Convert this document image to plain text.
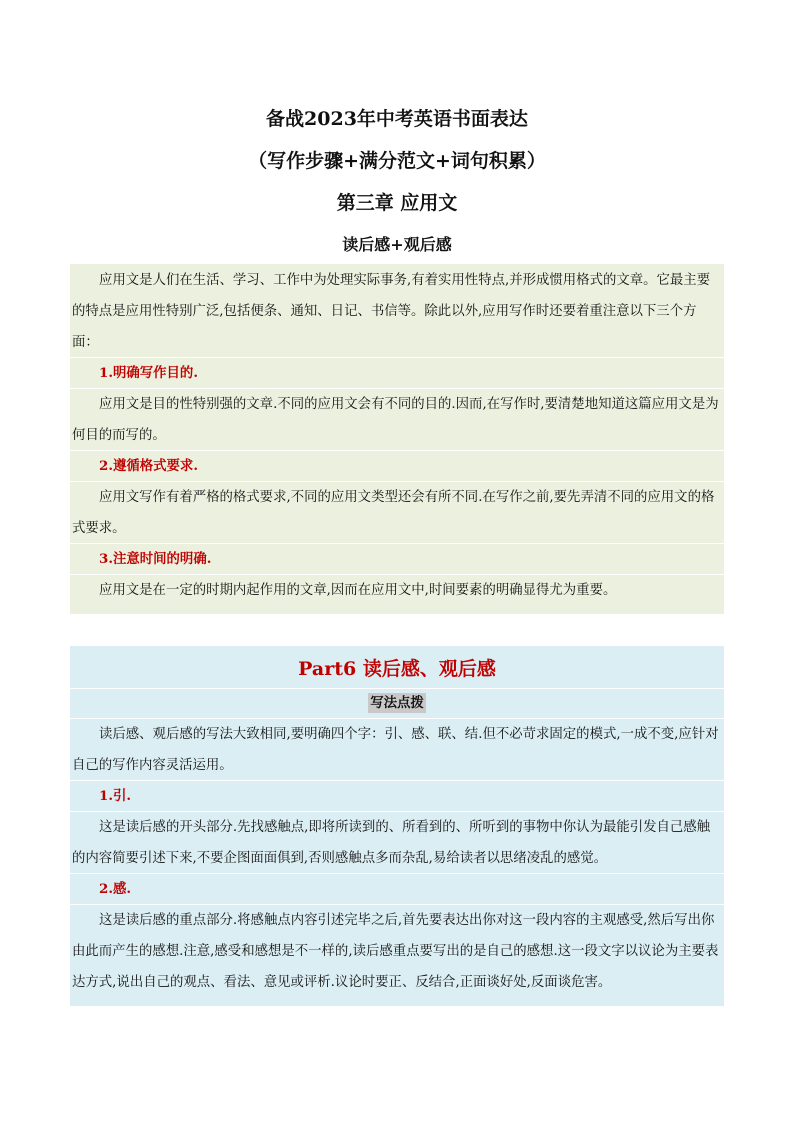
备战2023年中考英语书面表达
（写作步骤+满分范文+词句积累）
第三章 应用文
读后感+观后感

应用文是人们在生活、学习、工作中为处理实际事务,有着实用性特点,并形成惯用格式的文章。它最主要的特点是应用性特别广泛,包括便条、通知、日记、书信等。除此以外,应用写作时还要着重注意以下三个方面：

1.明确写作目的.

应用文是目的性特别强的文章.不同的应用文会有不同的目的.因而,在写作时,要清楚地知道这篇应用文是为何目的而写的。

2.遵循格式要求.

应用文写作有着严格的格式要求,不同的应用文类型还会有所不同.在写作之前,要先弄清不同的应用文的格式要求。

3.注意时间的明确.

应用文是在一定的时期内起作用的文章,因而在应用文中,时间要素的明确显得尤为重要。

Part6 读后感、观后感
写法点拨

读后感、观后感的写法大致相同,要明确四个字：引、感、联、结.但不必苛求固定的模式,一成不变,应针对自己的写作内容灵活运用。

1.引.

这是读后感的开头部分.先找感触点,即将所读到的、所看到的、所听到的事物中你认为最能引发自己感触的内容简要引述下来,不要企图面面俱到,否则感触点多而杂乱,易给读者以思绪凌乱的感觉。

2.感.

这是读后感的重点部分.将感触点内容引述完毕之后,首先要表达出你对这一段内容的主观感受,然后写出你由此而产生的感想.注意,感受和感想是不一样的,读后感重点要写出的是自己的感想.这一段文字以议论为主要表达方式,说出自己的观点、看法、意见或评析.议论时要正、反结合,正面谈好处,反面谈危害。
